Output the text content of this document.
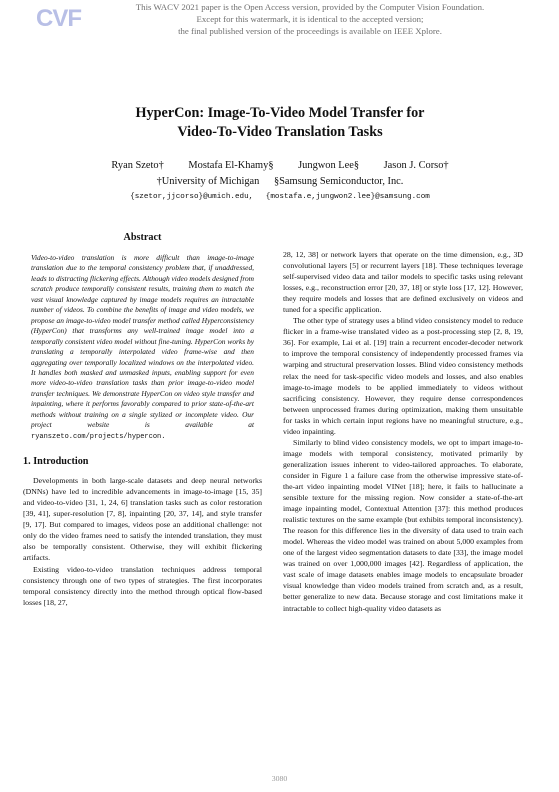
CVF	This WACV 2021 paper is the Open Access version, provided by the Computer Vision Foundation.
Except for this watermark, it is identical to the accepted version;
the final published version of the proceedings is available on IEEE Xplore.
HyperCon: Image-To-Video Model Transfer for
Video-To-Video Translation Tasks
Ryan Szeto† Mostafa El-Khamy§ Jungwon Lee§ Jason J. Corso†
†University of Michigan §Samsung Semiconductor, Inc.
{szetor,jjcorso}@umich.edu, {mostafa.e,jungwon2.lee}@samsung.com
Abstract
Video-to-video translation is more difficult than image-to-image translation due to the temporal consistency problem that, if unaddressed, leads to distracting flickering effects. Although video models designed from scratch produce temporally consistent results, training them to match the vast visual knowledge captured by image models requires an intractable number of videos. To combine the benefits of image and video models, we propose an image-to-video model transfer method called Hyperconsistency (HyperCon) that transforms any well-trained image model into a temporally consistent video model without fine-tuning. HyperCon works by translating a temporally interpolated video frame-wise and then aggregating over temporally localized windows on the interpolated video. It handles both masked and unmasked inputs, enabling support for even more video-to-video translation tasks than prior image-to-video model transfer techniques. We demonstrate HyperCon on video style transfer and inpainting, where it performs favorably compared to prior state-of-the-art methods without training on a single stylized or incomplete video. Our project website is available at ryanszeto.com/projects/hypercon.
1. Introduction

Developments in both large-scale datasets and deep neural networks (DNNs) have led to incredible advancements in image-to-image [15, 35] and video-to-video [31, 1, 24, 6] translation tasks such as color restoration [39, 41], super-resolution [7, 8], inpainting [20, 37, 14], and style transfer [9, 17]. But compared to images, videos pose an additional challenge: not only do the video frames need to satisfy the intended translation, they must also be temporally consistent. Otherwise, they will exhibit flickering artifacts.

Existing video-to-video translation techniques address temporal consistency through one of two types of strategies. The first incorporates temporal consistency directly into the method through optical flow-based losses [18, 27,

28, 12, 38] or network layers that operate on the time dimension, e.g., 3D convolutional layers [5] or recurrent layers [18]. These techniques leverage self-supervised video data and tailor models to specific tasks using relevant losses, e.g., reconstruction error [20, 37, 18] or style loss [17, 12]. However, they require models and losses that are defined exclusively on videos and tuned for a specific application.

The other type of strategy uses a blind video consistency model to reduce flicker in a frame-wise translated video as a post-processing step [2, 8, 19, 36]. For example, Lai et al. [19] train a recurrent encoder-decoder network to improve the temporal consistency of independently processed frames via warping and structural preservation losses. Blind video consistency methods relax the need for task-specific video models and losses, and also enables image-to-image models to be applied immediately to videos without sacrificing consistency. However, they require dense correspondences between unprocessed frames during optimization, making them unsuitable for tasks in which certain input regions have no meaningful structure, e.g., video inpainting.

Similarly to blind video consistency models, we opt to impart image-to-image models with temporal consistency, motivated primarily by generalization issues inherent to video-tailored approaches. To elaborate, consider in Figure 1 a failure case from the otherwise impressive state-of-the-art video inpainting model VINet [18]; here, it fails to hallucinate a sensible texture for the missing region. Now consider a state-of-the-art image inpainting model, Contextual Attention [37]: this method produces realistic textures on the same example (but exhibits temporal inconsistency). The reason for this difference lies in the diversity of data used to train each model. Whereas the video model was trained on about 5,000 examples from one of the largest video segmentation datasets to date [33], the image model was trained on over 1,000,000 images [42]. Regardless of application, the vast scale of image datasets enables image models to encapsulate broader visual knowledge than video models trained from scratch and, as a result, better generalize to new data. Because storage and cost limitations make it intractable to collect high-quality video datasets as

3080
